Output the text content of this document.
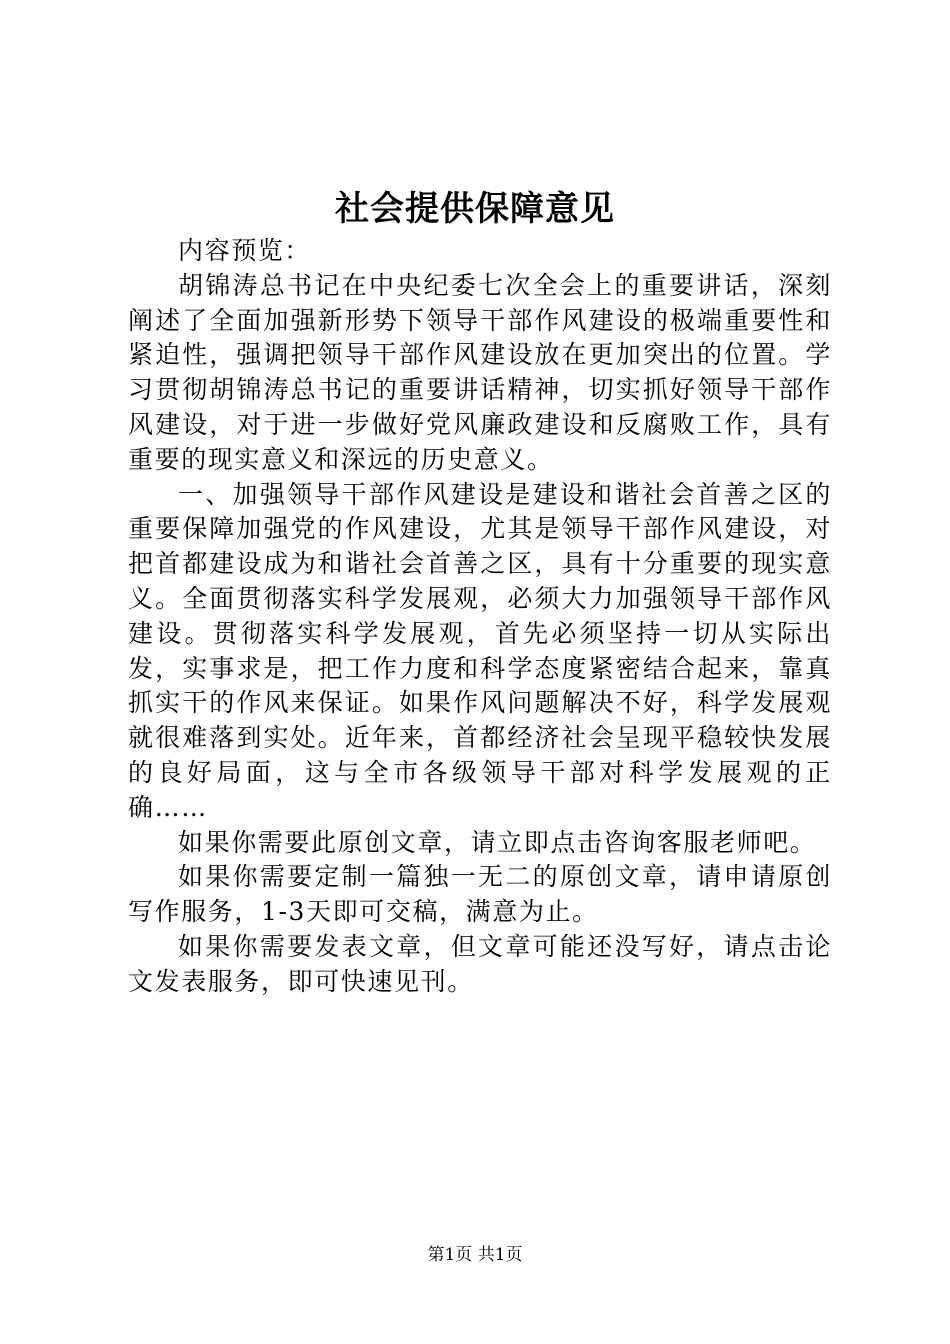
社会提供保障意见

内容预览：

胡锦涛总书记在中央纪委七次全会上的重要讲话，深刻阐述了全面加强新形势下领导干部作风建设的极端重要性和紧迫性，强调把领导干部作风建设放在更加突出的位置。学习贯彻胡锦涛总书记的重要讲话精神，切实抓好领导干部作风建设，对于进一步做好党风廉政建设和反腐败工作，具有重要的现实意义和深远的历史意义。

一、加强领导干部作风建设是建设和谐社会首善之区的重要保障加强党的作风建设，尤其是领导干部作风建设，对把首都建设成为和谐社会首善之区，具有十分重要的现实意义。全面贯彻落实科学发展观，必须大力加强领导干部作风建设。贯彻落实科学发展观，首先必须坚持一切从实际出发，实事求是，把工作力度和科学态度紧密结合起来，靠真抓实干的作风来保证。如果作风问题解决不好，科学发展观就很难落到实处。近年来，首都经济社会呈现平稳较快发展的良好局面，这与全市各级领导干部对科学发展观的正确……

如果你需要此原创文章，请立即点击咨询客服老师吧。

如果你需要定制一篇独一无二的原创文章，请申请原创写作服务，1-3天即可交稿，满意为止。

如果你需要发表文章，但文章可能还没写好，请点击论文发表服务，即可快速见刊。

第1页 共1页
